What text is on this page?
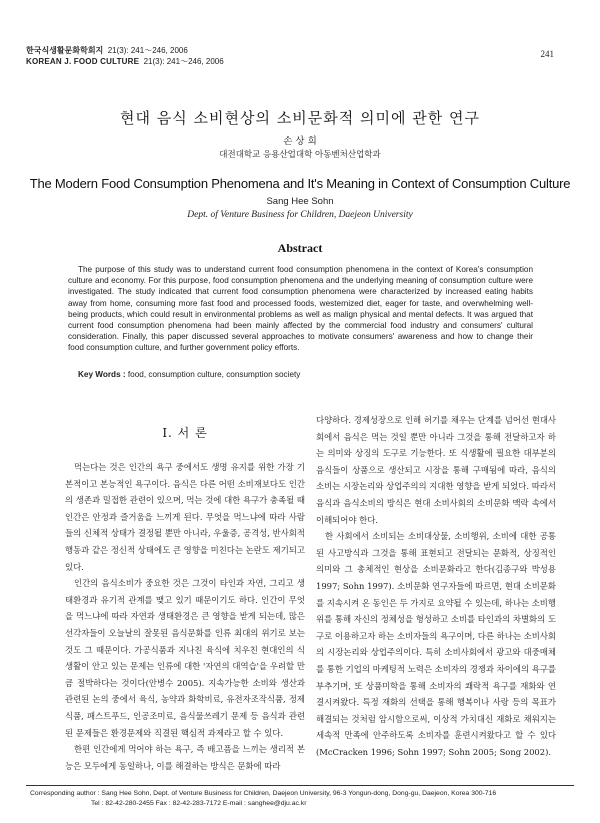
한국식생활문화학회지 21(3): 241～246, 2006
KOREAN J. FOOD CULTURE 21(3): 241～246, 2006
241
현대 음식 소비현상의 소비문화적 의미에 관한 연구
손 상 희
대전대학교 응용산업대학 아동벤처산업학과
The Modern Food Consumption Phenomena and It's Meaning in Context of Consumption Culture
Sang Hee Sohn
Dept. of Venture Business for Children, Daejeon University
Abstract
The purpose of this study was to understand current food consumption phenomena in the context of Korea's consumption culture and economy. For this purpose, food consumption phenomena and the underlying meaning of consumption culture were investigated. The study indicated that current food consumption phenomena were characterized by increased eating habits away from home, consuming more fast food and processed foods, westernized diet, eager for taste, and overwhelming well-being products, which could result in environmental problems as well as malign physical and mental defects. It was argued that current food consumption phenomena had been mainly affected by the commercial food industry and consumers' cultural consideration. Finally, this paper discussed several approaches to motivate consumers' awareness and how to change their food consumption culture, and further government policy efforts.
Key Words : food, consumption culture, consumption society
Ⅰ. 서 론

먹는다는 것은 인간의 욕구 중에서도 생명 유지를 위한 가장 기본적이고 본능적인 욕구이다. 음식은 다른 어떤 소비재보다도 인간의 생존과 밀접한 관련이 있으며, 먹는 것에 대한 욕구가 충족될 때 인간은 안정과 즐거움을 느끼게 된다. 무엇을 먹느냐에 따라 사람들의 신체적 상태가 결정될 뿐만 아니라, 우울증, 공격성, 반사회적 행동과 같은 정신적 상태에도 큰 영향을 미친다는 논란도 제기되고 있다.

인간의 음식소비가 중요한 것은 그것이 타인과 자연, 그리고 생태환경과 유기적 관계를 맺고 있기 때문이기도 하다. 인간이 무엇을 먹느냐에 따라 자연과 생태환경은 큰 영향을 받게 되는데, 많은 선각자들이 오늘날의 잘못된 음식문화를 인류 최대의 위기로 보는 것도 그 때문이다. 가공식품과 지나친 육식에 치우친 현대인의 식생활이 안고 있는 문제는 인류에 대한 '자연의 대역습'을 우려할 만큼 절박하다는 것이다(안병수 2005). 지속가능한 소비와 생산과 관련된 논의 중에서 육식, 농약과 화학비료, 유전자조작식품, 정제식품, 패스트푸드, 인공조미료, 음식물쓰레기 문제 등 음식과 관련된 문제들은 환경문제와 직결된 핵심적 과제라고 할 수 있다.

한편 인간에게 먹어야 하는 욕구, 즉 배고픔을 느끼는 생리적 본능은 모두에게 동일하나, 이를 해결하는 방식은 문화에 따라

다양하다. 경제성장으로 인해 허기를 채우는 단계를 넘어선 현대사회에서 음식은 먹는 것일 뿐만 아니라 그것을 통해 전달하고자 하는 의미와 상징의 도구로 기능한다. 또 식생활에 필요한 대부분의 음식들이 상품으로 생산되고 시장을 통해 구매됨에 따라, 음식의 소비는 시장논리와 상업주의의 지대한 영향을 받게 되었다. 따라서 음식과 음식소비의 방식은 현대 소비사회의 소비문화 맥락 속에서 이해되어야 한다.

한 사회에서 소비되는 소비대상물, 소비행위, 소비에 대한 공통된 사고방식과 그것을 통해 표현되고 전달되는 문화적, 상징적인 의미와 그 총체적인 현상을 소비문화라고 한다(김종구와 박성용 1997; Sohn 1997). 소비문화 연구자들에 따르면, 현대 소비문화를 지속시켜 온 동인은 두 가지로 요약될 수 있는데, 하나는 소비행위를 통해 자신의 정체성을 형성하고 소비를 타인과의 차별화의 도구로 이용하고자 하는 소비자들의 욕구이며, 다른 하나는 소비사회의 시장논리와 상업주의이다. 특히 소비사회에서 광고와 대중매체를 통한 기업의 마케팅적 노력은 소비자의 경쟁과 차이에의 욕구를 부추기며, 또 상품미학을 통해 소비자의 쾌락적 욕구를 재화와 연결시켜왔다. 특정 재화의 선택을 통해 행복이나 사랑 등의 목표가 해결되는 것처럼 암시함으로써, 이상적 가치대신 재화로 채워지는 세속적 만족에 안주하도록 소비자를 훈련시켜왔다고 할 수 있다(McCracken 1996; Sohn 1997; Sohn 2005; Song 2002).

Corresponding author : Sang Hee Sohn, Dept. of Venture Business for Children, Daejeon University, 96-3 Yongun-dong, Dong-gu, Daejeon, Korea 300-716
Tel : 82-42-280-2455 Fax : 82-42-283-7172 E-mail : sanghee@dju.ac.kr
